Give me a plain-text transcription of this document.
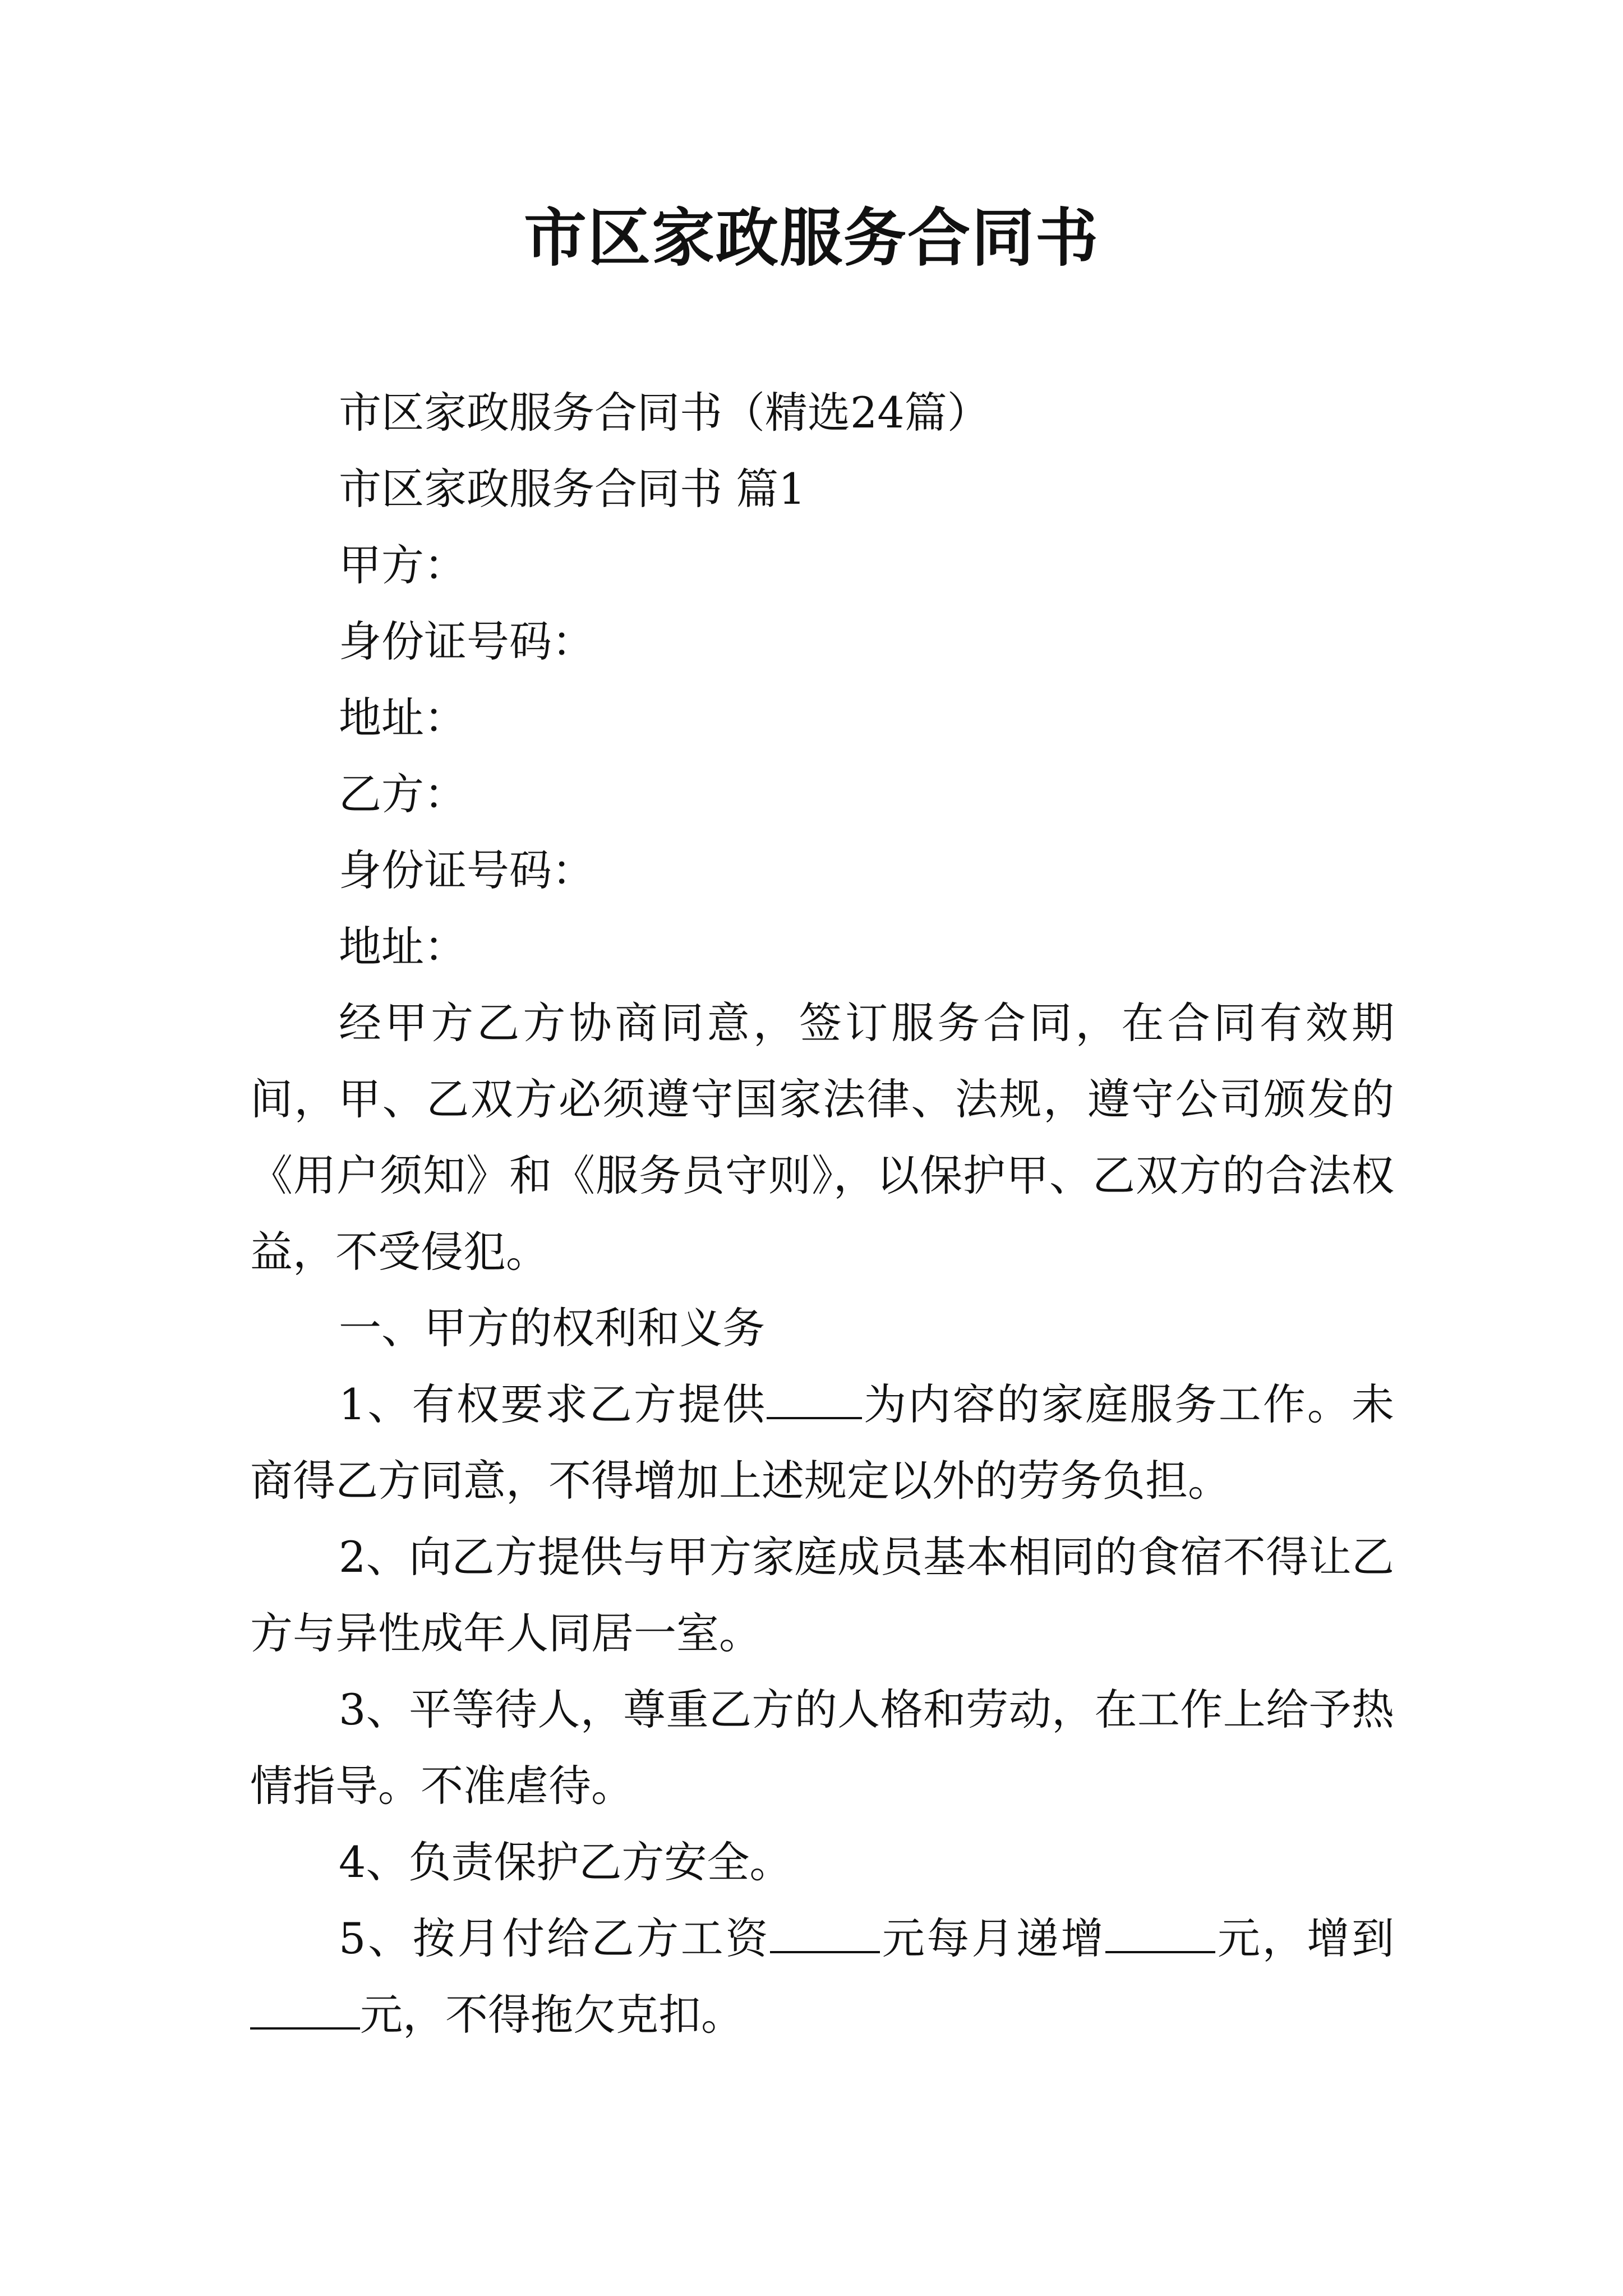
市区家政服务合同书

市区家政服务合同书（精选24篇）

市区家政服务合同书 篇1

甲方：

身份证号码：

地址：

乙方：

身份证号码：

地址：

经甲方乙方协商同意，签订服务合同，在合同有效期间，甲、乙双方必须遵守国家法律、法规，遵守公司颁发的《用户须知》和《服务员守则》，以保护甲、乙双方的合法权益，不受侵犯。

一、甲方的权利和义务

1、有权要求乙方提供 为内容的家庭服务工作。未商得乙方同意，不得增加上述规定以外的劳务负担。

2、向乙方提供与甲方家庭成员基本相同的食宿不得让乙方与异性成年人同居一室。

3、平等待人，尊重乙方的人格和劳动，在工作上给予热情指导。不准虐待。

4、负责保护乙方安全。

5、按月付给乙方工资	元每月递增	元，增到元，不得拖欠克扣。
